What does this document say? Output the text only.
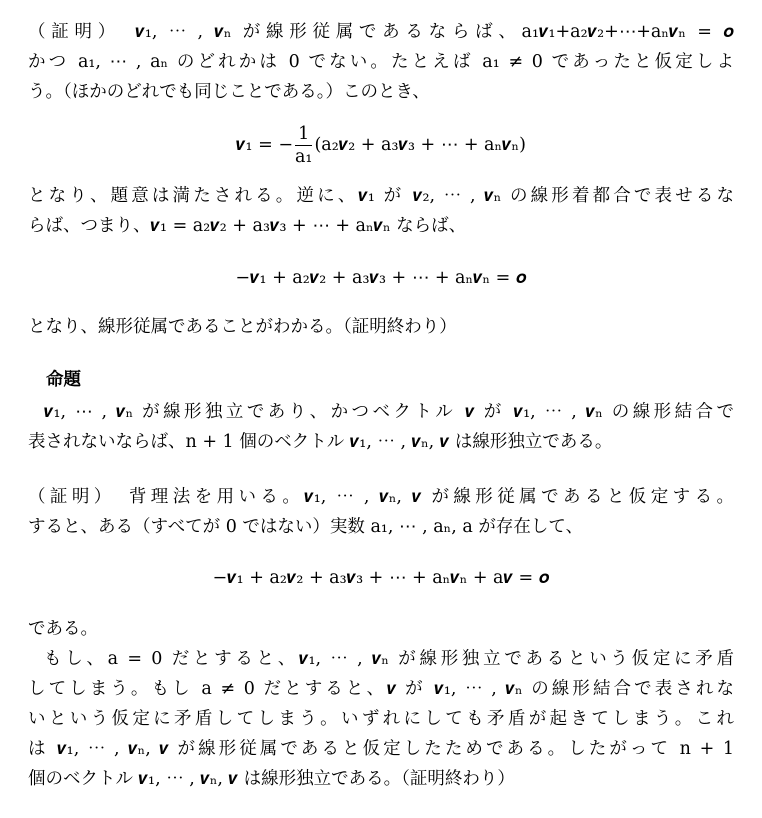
（証明）　𝒗₁, ⋯ , 𝒗ₙ が線形従属であるならば、a₁𝒗₁+a₂𝒗₂+⋯+aₙ𝒗ₙ = 𝒐
かつ a₁, ⋯ , aₙ のどれかは 0 でない。たとえば a₁ ≠ 0 であったと仮定しよ
う。（ほかのどれでも同じことである。）このとき、
𝒗₁ = − $\frac{1}{\text{a₁}}$ (a₂𝒗₂ + a₃𝒗₃ + ⋯ + aₙ𝒗ₙ)
となり、題意は満たされる。逆に、𝒗₁ が 𝒗₂, ⋯ , 𝒗ₙ の線形着都合で表せるな
らば、つまり、𝒗₁ = a₂𝒗₂ + a₃𝒗₃ + ⋯ + aₙ𝒗ₙ ならば、
−𝒗₁ + a₂𝒗₂ + a₃𝒗₃ + ⋯ + aₙ𝒗ₙ = 𝒐
となり、線形従属であることがわかる。（証明終わり）
命題
𝒗₁, ⋯ , 𝒗ₙ が線形独立であり、かつベクトル 𝒗 が 𝒗₁, ⋯ , 𝒗ₙ の線形結合で
表されないならば、n + 1 個のベクトル 𝒗₁, ⋯ , 𝒗ₙ, 𝒗 は線形独立である。
（証明）　背理法を用いる。𝒗₁, ⋯ , 𝒗ₙ, 𝒗 が線形従属であると仮定する。
すると、ある（すべてが 0 ではない）実数 a₁, ⋯ , aₙ, a が存在して、
−𝒗₁ + a₂𝒗₂ + a₃𝒗₃ + ⋯ + aₙ𝒗ₙ + a𝒗 = 𝒐
である。
もし、a = 0 だとすると、𝒗₁, ⋯ , 𝒗ₙ が線形独立であるという仮定に矛盾
してしまう。もし a ≠ 0 だとすると、𝒗 が 𝒗₁, ⋯ , 𝒗ₙ の線形結合で表されな
いという仮定に矛盾してしまう。いずれにしても矛盾が起きてしまう。これ
は 𝒗₁, ⋯ , 𝒗ₙ, 𝒗 が線形従属であると仮定したためである。したがって n + 1
個のベクトル 𝒗₁, ⋯ , 𝒗ₙ, 𝒗 は線形独立である。（証明終わり）
